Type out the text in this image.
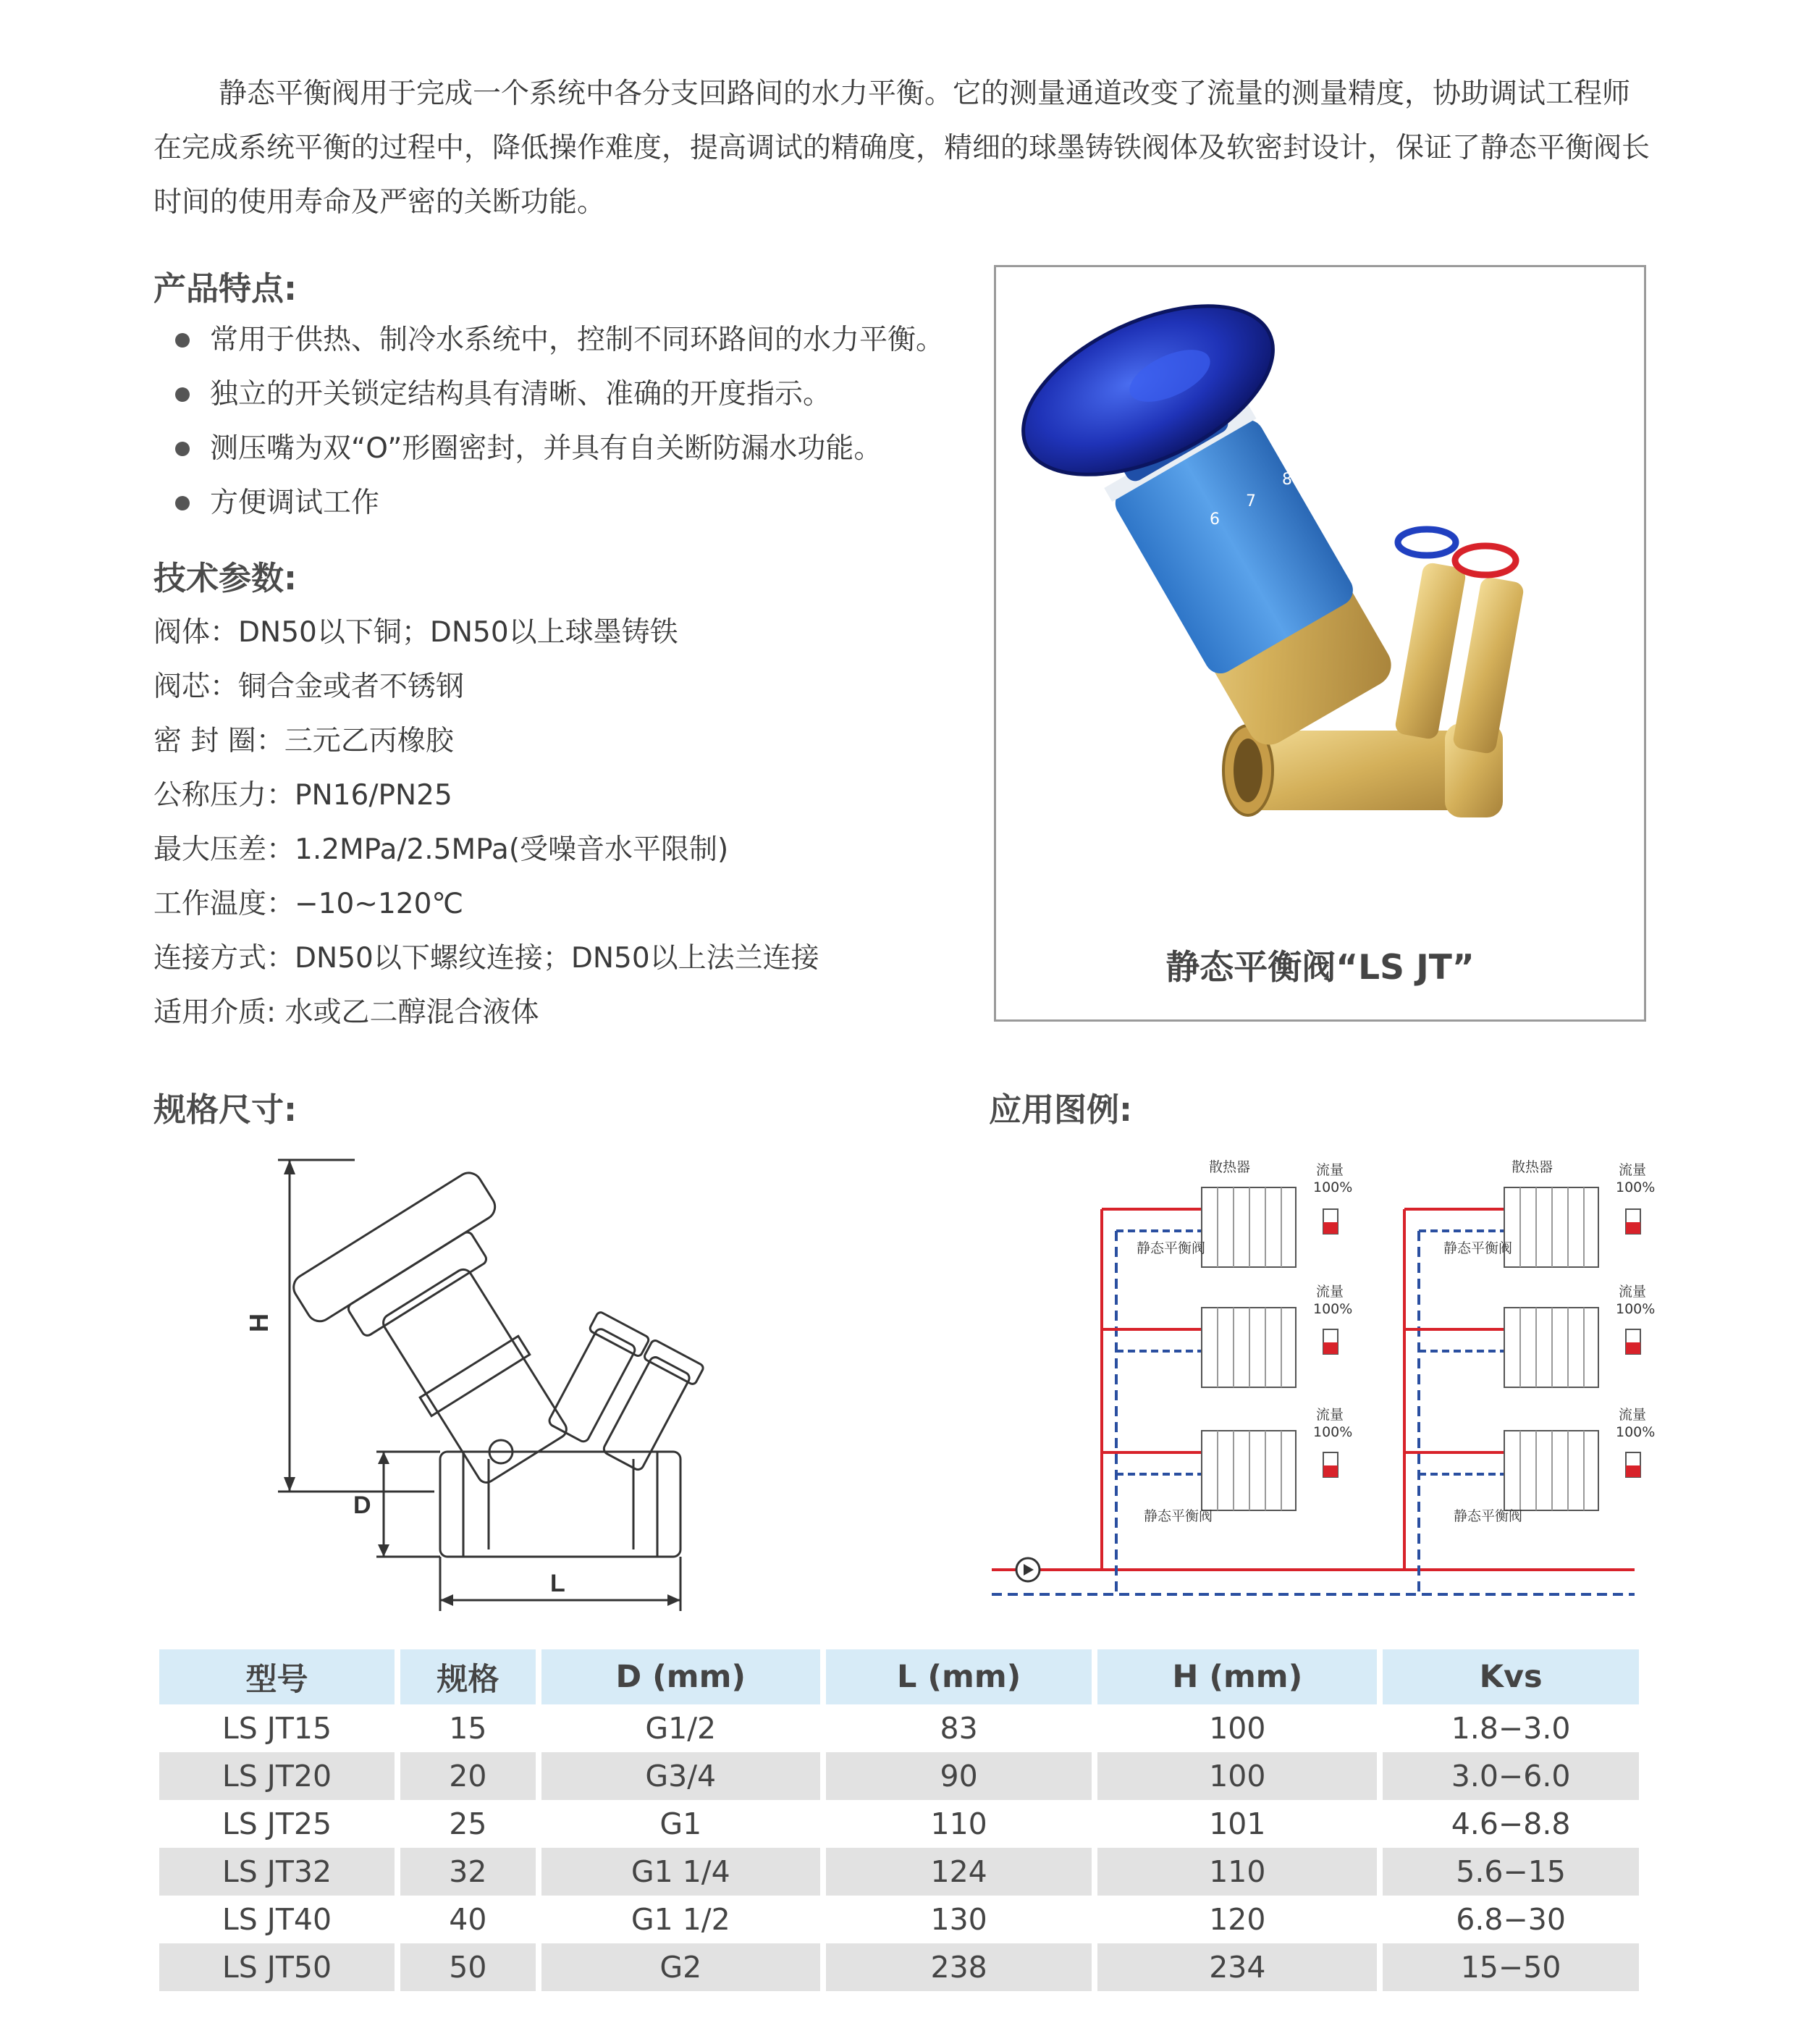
静态平衡阀用于完成一个系统中各分支回路间的水力平衡。它的测量通道改变了流量的测量精度，协助调试工程师在完成系统平衡的过程中，降低操作难度，提高调试的精确度，精细的球墨铸铁阀体及软密封设计，保证了静态平衡阀长时间的使用寿命及严密的关断功能。

产品特点:
常用于供热、制冷水系统中，控制不同环路间的水力平衡。
独立的开关锁定结构具有清晰、准确的开度指示。
测压嘴为双“O”形圈密封，并具有自关断防漏水功能。
方便调试工作
技术参数:
阀体：DN50以下铜；DN50以上球墨铸铁
阀芯：铜合金或者不锈钢
密 封 圈：三元乙丙橡胶
公称压力：PN16/PN25
最大压差：1.2MPa/2.5MPa(受噪音水平限制)
工作温度：−10~120℃
连接方式：DN50以下螺纹连接；DN50以上法兰连接
适用介质: 水或乙二醇混合液体
6
7
8
静态平衡阀“LS JT”
规格尺寸:	应用图例:
H
D
L
散热器	散热器
流量
100%
流量
100%
流量
100%
流量
100%
流量
100%
流量
100%
静态平衡阀	静态平衡阀
静态平衡阀	静态平衡阀
型号	规格	D (mm)	L (mm)	H (mm)	Kvs
LS JT15	15	G1/2	83	100	1.8−3.0
LS JT20	20	G3/4	90	100	3.0−6.0
LS JT25	25	G1	110	101	4.6−8.8
LS JT32	32	G1 1/4	124	110	5.6−15
LS JT40	40	G1 1/2	130	120	6.8−30
LS JT50	50	G2	238	234	15−50
